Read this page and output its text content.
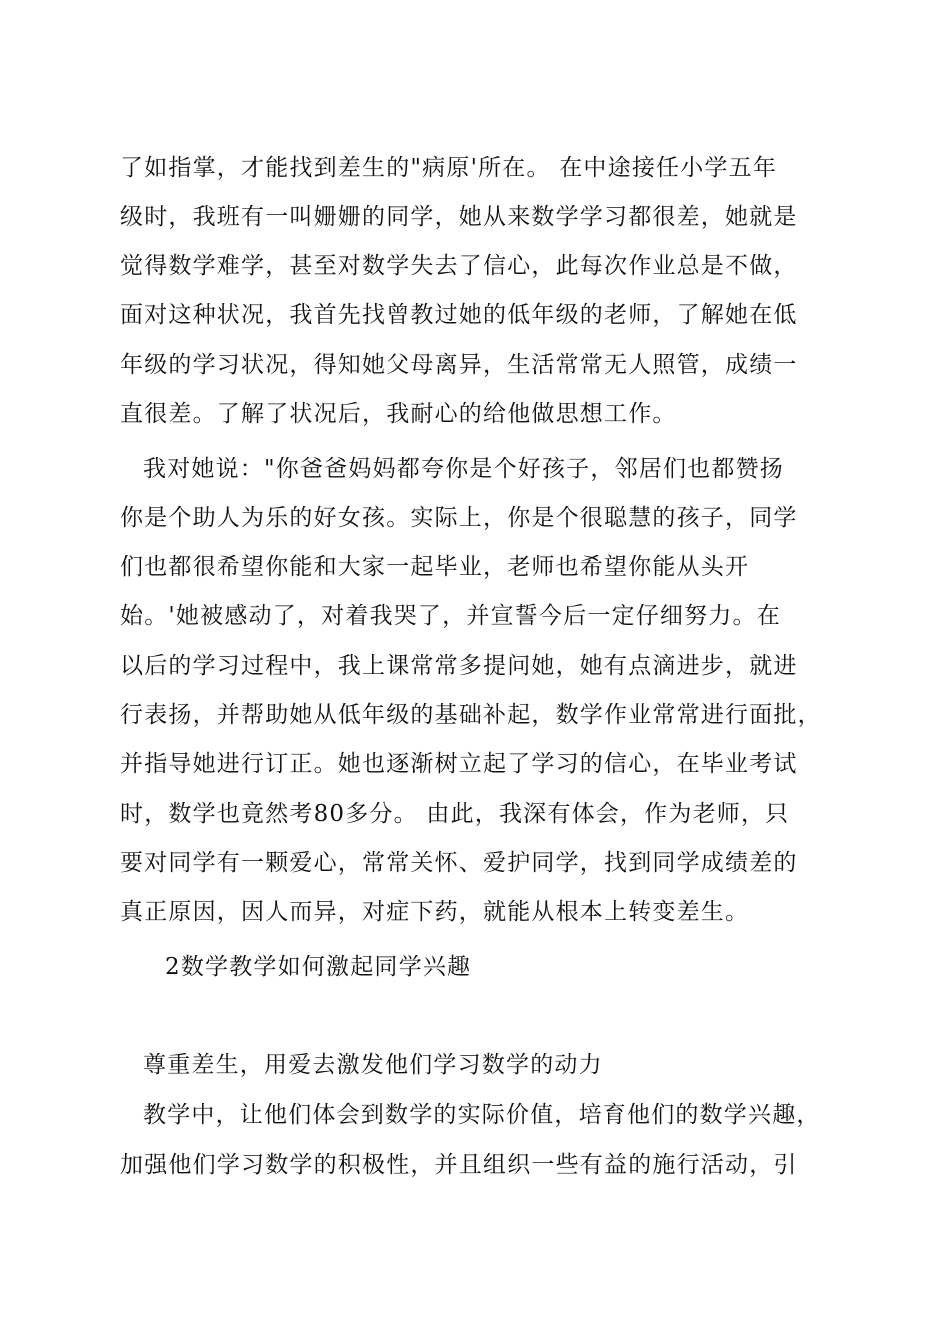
了如指掌，才能找到差生的"病原'所在。 在中途接任小学五年
级时，我班有一叫姗姗的同学，她从来数学学习都很差，她就是
觉得数学难学，甚至对数学失去了信心，此每次作业总是不做，
面对这种状况，我首先找曾教过她的低年级的老师，了解她在低
年级的学习状况，得知她父母离异，生活常常无人照管，成绩一
直很差。了解了状况后，我耐心的给他做思想工作。
我对她说："你爸爸妈妈都夸你是个好孩子，邻居们也都赞扬
你是个助人为乐的好女孩。实际上，你是个很聪慧的孩子，同学
们也都很希望你能和大家一起毕业，老师也希望你能从头开
始。'她被感动了，对着我哭了，并宣誓今后一定仔细努力。在
以后的学习过程中，我上课常常多提问她，她有点滴进步，就进
行表扬，并帮助她从低年级的基础补起，数学作业常常进行面批，
并指导她进行订正。她也逐渐树立起了学习的信心，在毕业考试
时，数学也竟然考80多分。 由此，我深有体会，作为老师，只
要对同学有一颗爱心，常常关怀、爱护同学，找到同学成绩差的
真正原因，因人而异，对症下药，就能从根本上转变差生。
2数学教学如何激起同学兴趣
尊重差生，用爱去激发他们学习数学的动力
教学中，让他们体会到数学的实际价值，培育他们的数学兴趣，
加强他们学习数学的积极性，并且组织一些有益的施行活动，引
